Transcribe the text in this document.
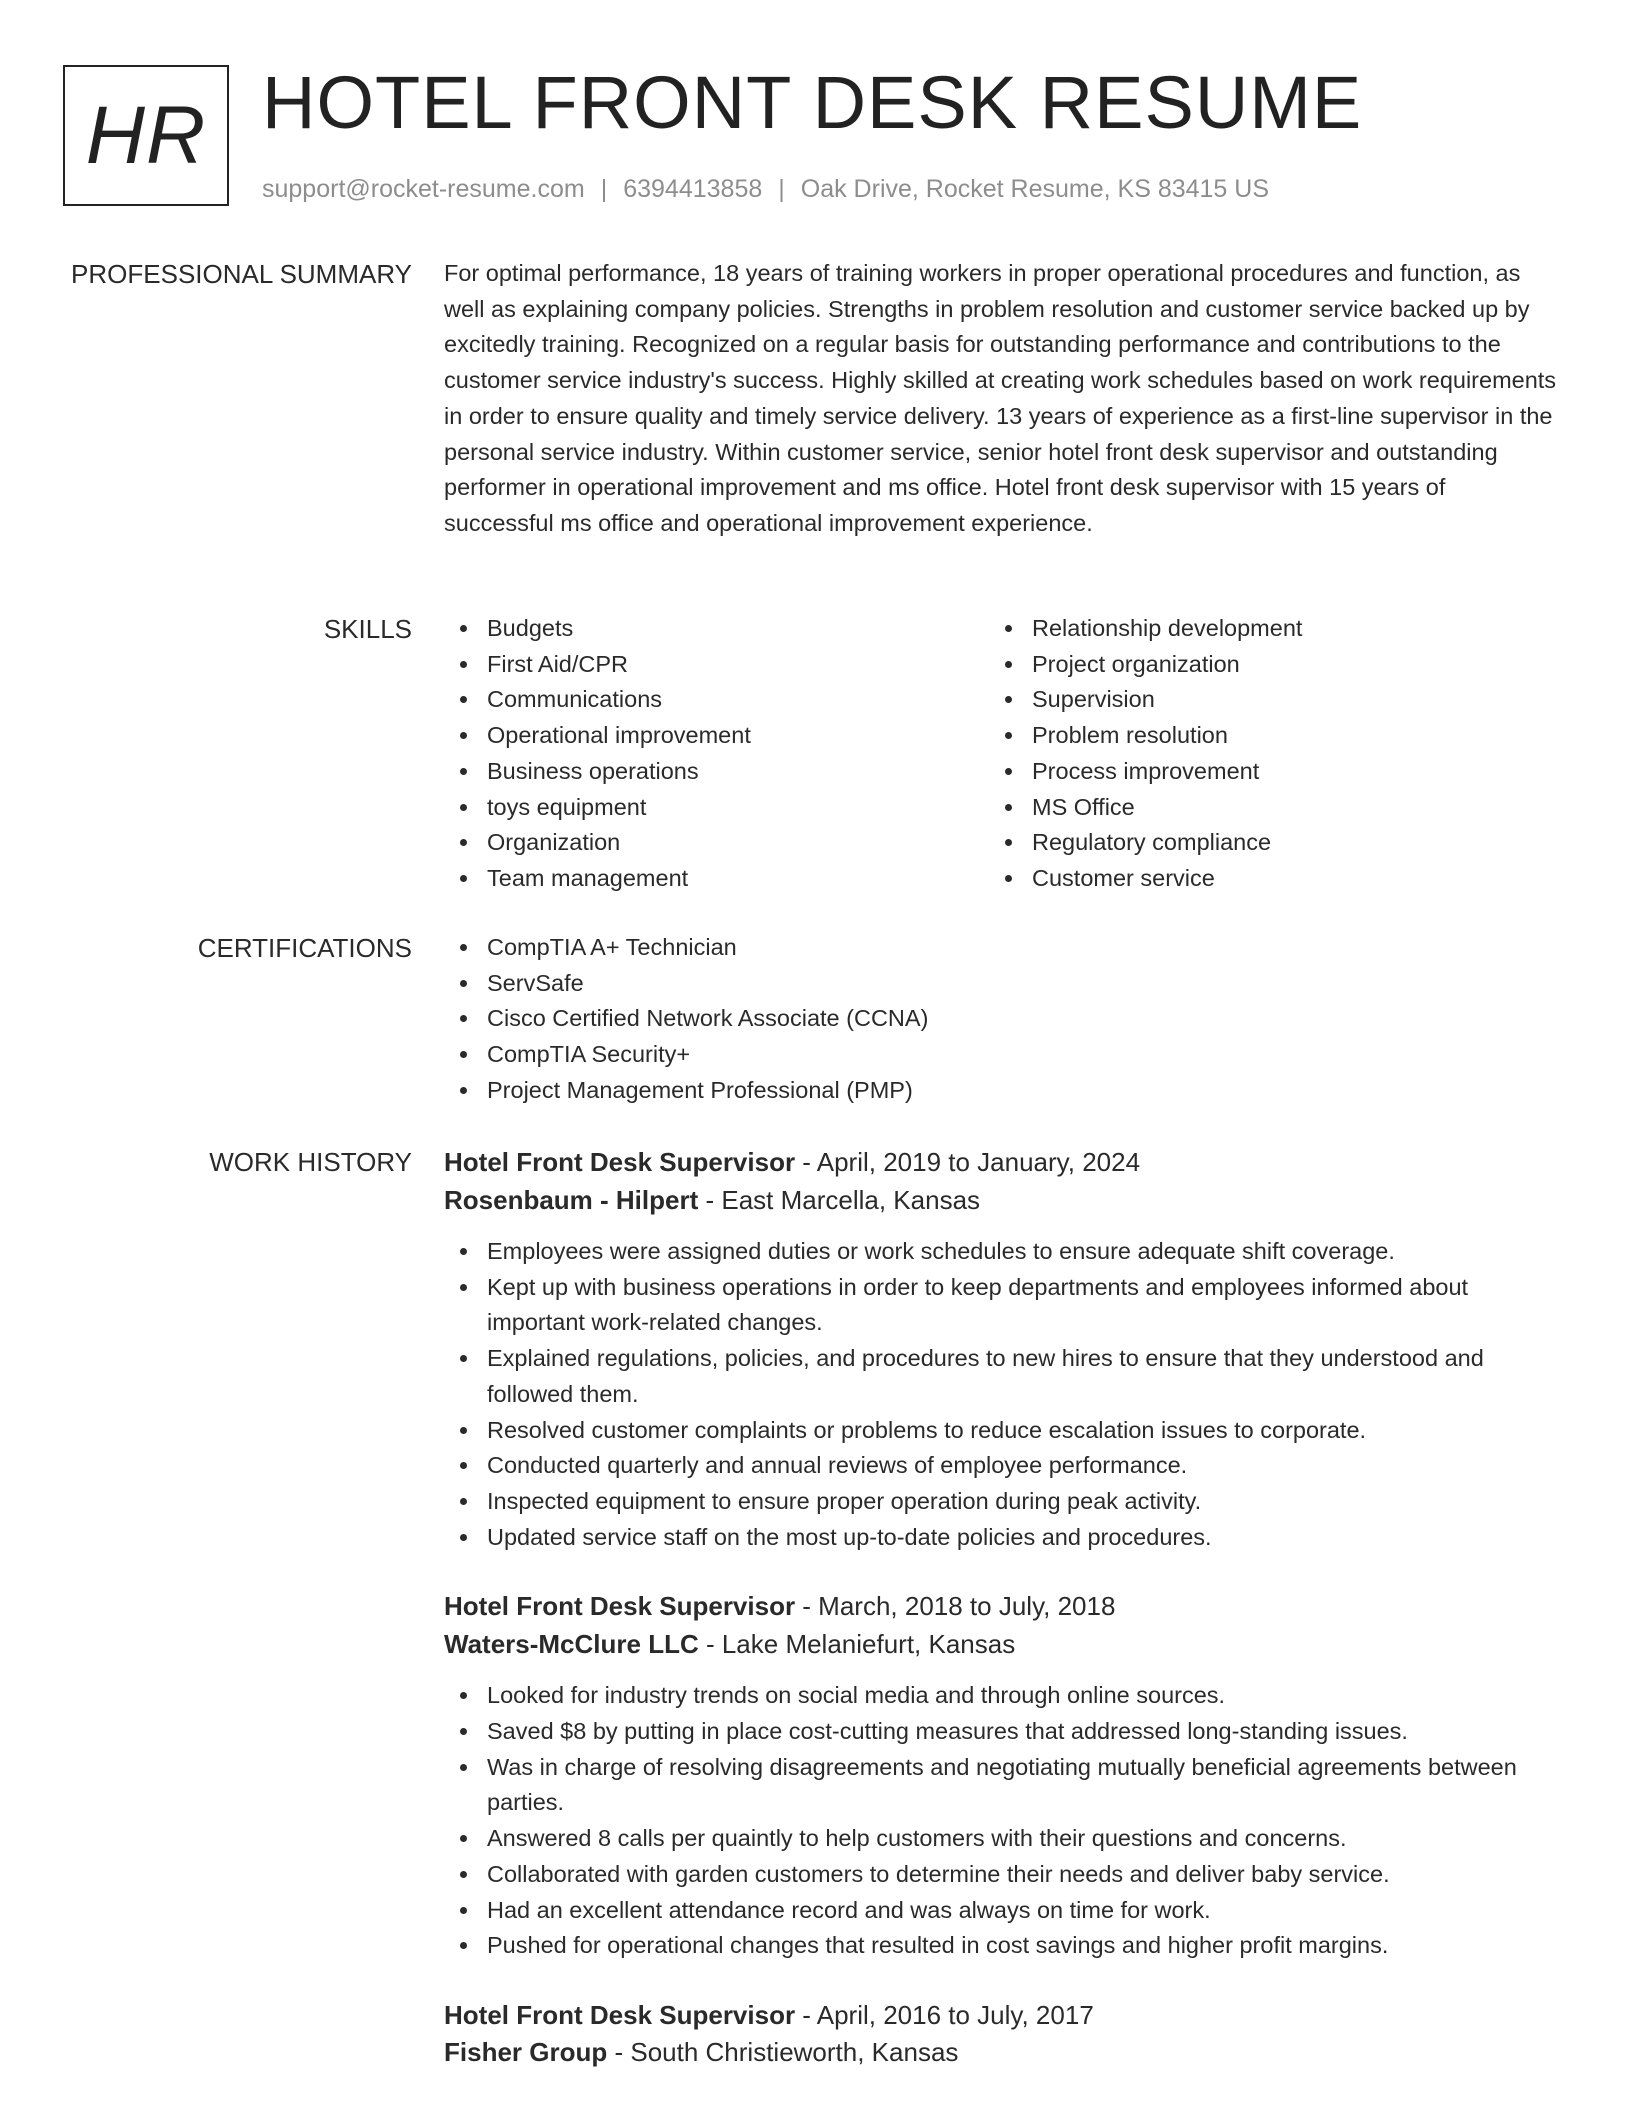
HR HOTEL FRONT DESK RESUME
support@rocket-resume.com | 6394413858 | Oak Drive, Rocket Resume, KS 83415 US
PROFESSIONAL SUMMARY For optimal performance, 18 years of training workers in proper operational procedures and function, as well as explaining company policies. Strengths in problem resolution and customer service backed up by excitedly training. Recognized on a regular basis for outstanding performance and contributions to the customer service industry's success. Highly skilled at creating work schedules based on work requirements in order to ensure quality and timely service delivery. 13 years of experience as a first-line supervisor in the personal service industry. Within customer service, senior hotel front desk supervisor and outstanding performer in operational improvement and ms office. Hotel front desk supervisor with 15 years of successful ms office and operational improvement experience.

SKILLS	Budgets
First Aid/CPR
Communications
Operational improvement
Business operations
toys equipment
Organization
Team management
Relationship development
Project organization
Supervision
Problem resolution
Process improvement
MS Office
Regulatory compliance
Customer service
CERTIFICATIONS	CompTIA A+ Technician
ServSafe
Cisco Certified Network Associate (CCNA)
CompTIA Security+
Project Management Professional (PMP)
WORK HISTORY Hotel Front Desk Supervisor - April, 2019 to January, 2024
Rosenbaum - Hilpert - East Marcella, Kansas
Employees were assigned duties or work schedules to ensure adequate shift coverage.
Kept up with business operations in order to keep departments and employees informed about important work-related changes.
Explained regulations, policies, and procedures to new hires to ensure that they understood and followed them.
Resolved customer complaints or problems to reduce escalation issues to corporate.
Conducted quarterly and annual reviews of employee performance.
Inspected equipment to ensure proper operation during peak activity.
Updated service staff on the most up-to-date policies and procedures.
Hotel Front Desk Supervisor - March, 2018 to July, 2018
Waters-McClure LLC - Lake Melaniefurt, Kansas
Looked for industry trends on social media and through online sources.
Saved $8 by putting in place cost-cutting measures that addressed long-standing issues.
Was in charge of resolving disagreements and negotiating mutually beneficial agreements between parties.
Answered 8 calls per quaintly to help customers with their questions and concerns.
Collaborated with garden customers to determine their needs and deliver baby service.
Had an excellent attendance record and was always on time for work.
Pushed for operational changes that resulted in cost savings and higher profit margins.
Hotel Front Desk Supervisor - April, 2016 to July, 2017
Fisher Group - South Christieworth, Kansas
